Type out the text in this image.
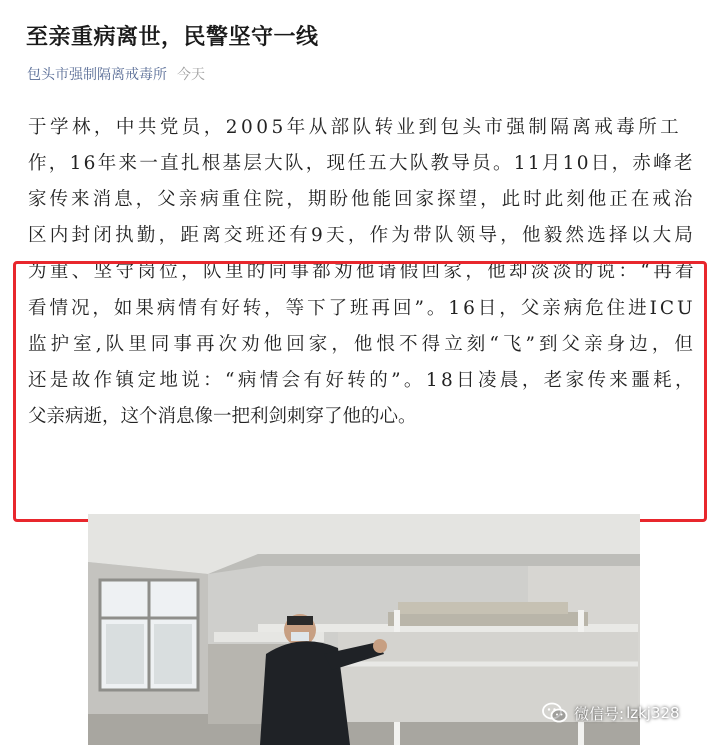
至亲重病离世，民警坚守一线
包头市强制隔离戒毒所 今天
于学林，中共党员，2005年从部队转业到包头市强制隔离戒毒所工
作，16年来一直扎根基层大队，现任五大队教导员。11月10日，赤峰老
家传来消息，父亲病重住院，期盼他能回家探望，此时此刻他正在戒治
区内封闭执勤，距离交班还有9天，作为带队领导，他毅然选择以大局
为重、坚守岗位，队里的同事都劝他请假回家，他却淡淡的说：“再看
看情况，如果病情有好转，等下了班再回”。16日，父亲病危住进ICU
监护室,队里同事再次劝他回家，他恨不得立刻“飞”到父亲身边，但
还是故作镇定地说：“病情会有好转的”。18日凌晨，老家传来噩耗，
父亲病逝，这个消息像一把利剑刺穿了他的心。
微信号: lzkj328
